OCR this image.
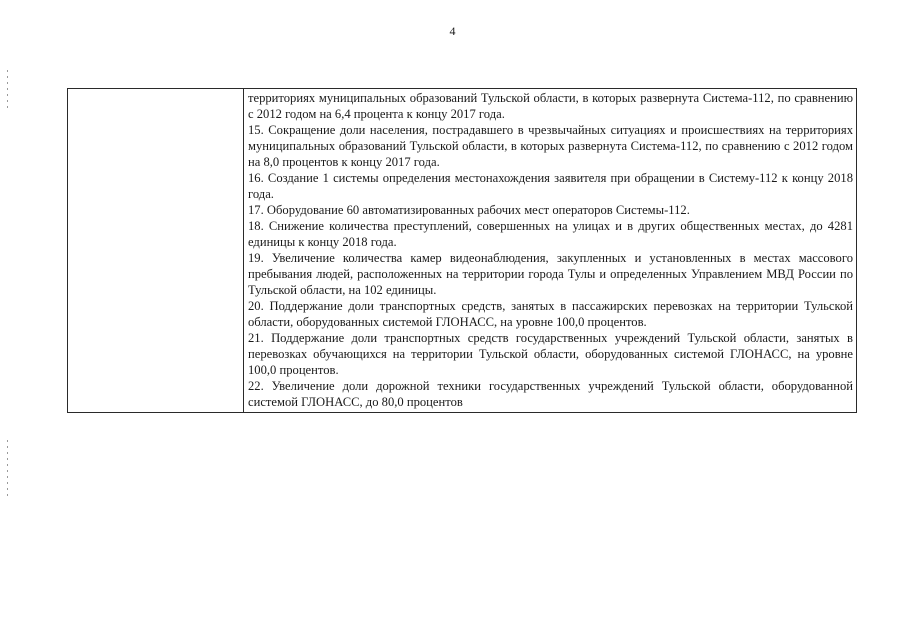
4

территориях муниципальных образований Тульской области, в которых развернута Система-112, по сравнению с 2012 годом на 6,4 процента к концу 2017 года.

15. Сокращение доли населения, пострадавшего в чрезвычайных ситуациях и происшествиях на территориях муниципальных образований Тульской области, в которых развернута Система-112, по сравнению с 2012 годом на 8,0 процентов к концу 2017 года.

16. Создание 1 системы определения местонахождения заявителя при обращении в Систему-112 к концу 2018 года.

17. Оборудование 60 автоматизированных рабочих мест операторов Системы-112.

18. Снижение количества преступлений, совершенных на улицах и в других общественных местах, до 4281 единицы к концу 2018 года.

19. Увеличение количества камер видеонаблюдения, закупленных и установленных в местах массового пребывания людей, расположенных на территории города Тулы и определенных Управлением МВД России по Тульской области, на 102 единицы.

20. Поддержание доли транспортных средств, занятых в пассажирских перевозках на территории Тульской области, оборудованных системой ГЛОНАСС, на уровне 100,0 процентов.

21. Поддержание доли транспортных средств государственных учреждений Тульской области, занятых в перевозках обучающихся на территории Тульской области, оборудованных системой ГЛОНАСС, на уровне 100,0 процентов.

22. Увеличение доли дорожной техники государственных учреждений Тульской области, оборудованной системой ГЛОНАСС, до 80,0 процентов
